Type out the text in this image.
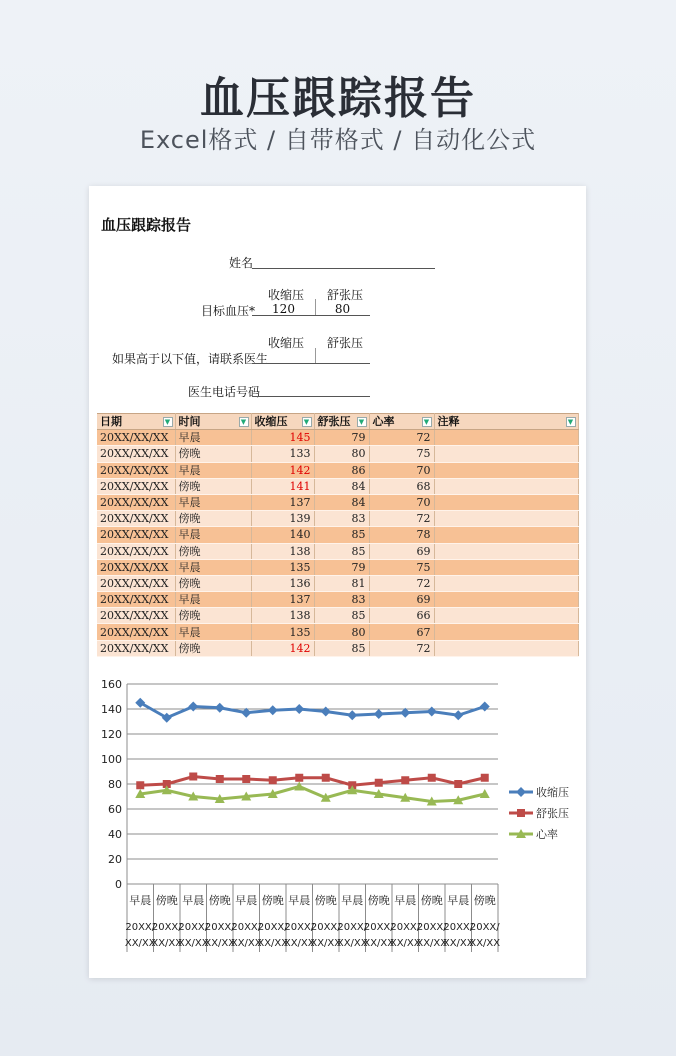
血压跟踪报告
Excel格式 / 自带格式 / 自动化公式
血压跟踪报告
姓名
收缩压 舒张压
目标血压*	120	80
收缩压 舒张压
如果高于以下值，请联系医生
医生电话号码
日期 ▼	时间 ▼	收缩压 ▼	舒张压 ▼	心率 ▼	注释 ▼

20XX/XX/XX	早晨	145	79	72	
20XX/XX/XX	傍晚	133	80	75	
20XX/XX/XX	早晨	142	86	70	
20XX/XX/XX	傍晚	141	84	68	
20XX/XX/XX	早晨	137	84	70	
20XX/XX/XX	傍晚	139	83	72	
20XX/XX/XX	早晨	140	85	78	
20XX/XX/XX	傍晚	138	85	69	
20XX/XX/XX	早晨	135	79	75	
20XX/XX/XX	傍晚	136	81	72	
20XX/XX/XX	早晨	137	83	69	
20XX/XX/XX	傍晚	138	85	66	
20XX/XX/XX	早晨	135	80	67	
20XX/XX/XX	傍晚	142	85	72	
0
20
40
60
80
100
120
140
160
早晨
20XX/
XX/XX
傍晚
20XX/
XX/XX
早晨
20XX/
XX/XX
傍晚
20XX/
XX/XX
早晨
20XX/
XX/XX
傍晚
20XX/
XX/XX
早晨
20XX/
XX/XX
傍晚
20XX/
XX/XX
早晨
20XX/
XX/XX
傍晚
20XX/
XX/XX
早晨
20XX/
XX/XX
傍晚
20XX/
XX/XX
早晨
20XX/
XX/XX
傍晚
20XX/
XX/XX
收缩压
舒张压
心率
